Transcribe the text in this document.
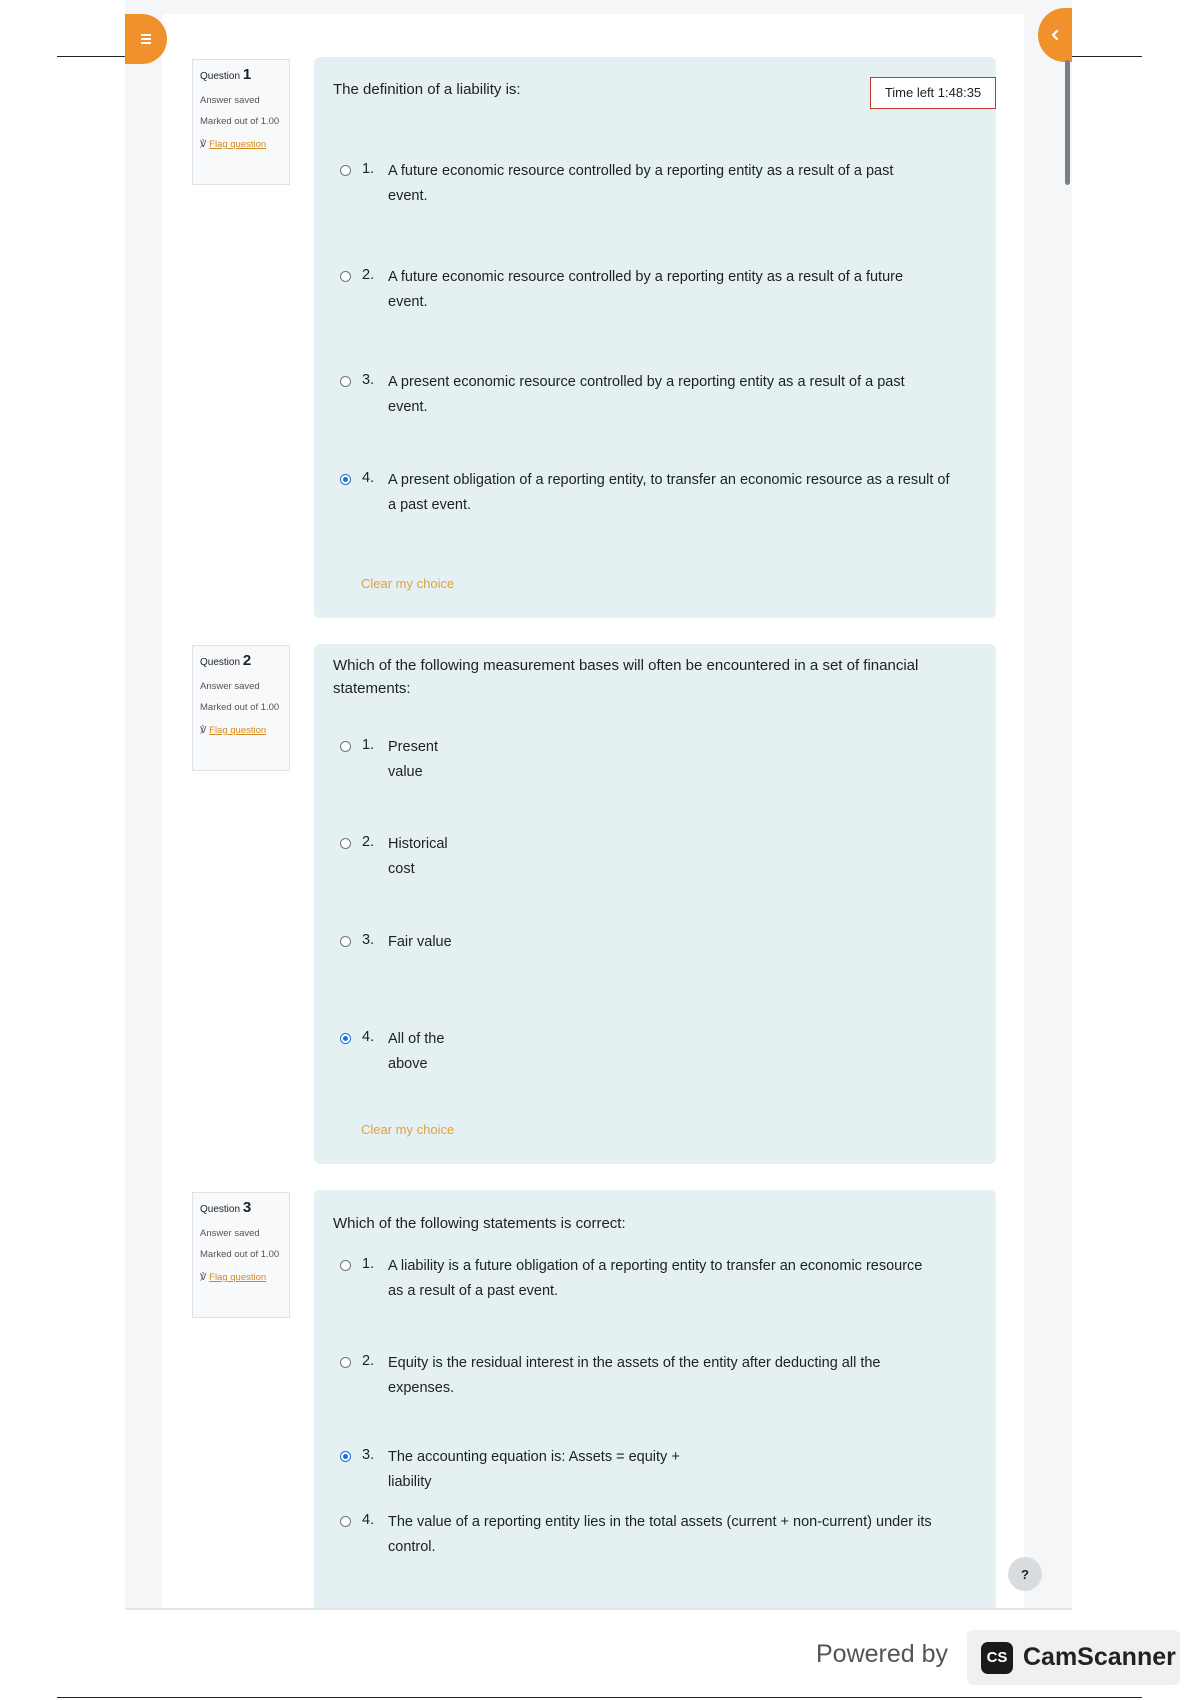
Question 1
Answer saved
Marked out of 1.00
℣ Flag question
The definition of a liability is:
1. A future economic resource controlled by a reporting entity as a result of a past event.
2. A future economic resource controlled by a reporting entity as a result of a future event.
3. A present economic resource controlled by a reporting entity as a result of a past event.
4. A present obligation of a reporting entity, to transfer an economic resource as a result of a past event.
Clear my choice
Time left 1:48:35
Question 2
Answer saved
Marked out of 1.00
℣ Flag question
Which of the following measurement bases will often be encountered in a set of financial statements:
1. Present value
2. Historical cost
3. Fair value
4. All of the above
Clear my choice
Question 3
Answer saved
Marked out of 1.00
℣ Flag question
Which of the following statements is correct:
1. A liability is a future obligation of a reporting entity to transfer an economic resource as a result of a past event.
2. Equity is the residual interest in the assets of the entity after deducting all the expenses.
3. The accounting equation is: Assets = equity + liability
4. The value of a reporting entity lies in the total assets (current + non-current) under its control.
?
Powered by	CS CamScanner
